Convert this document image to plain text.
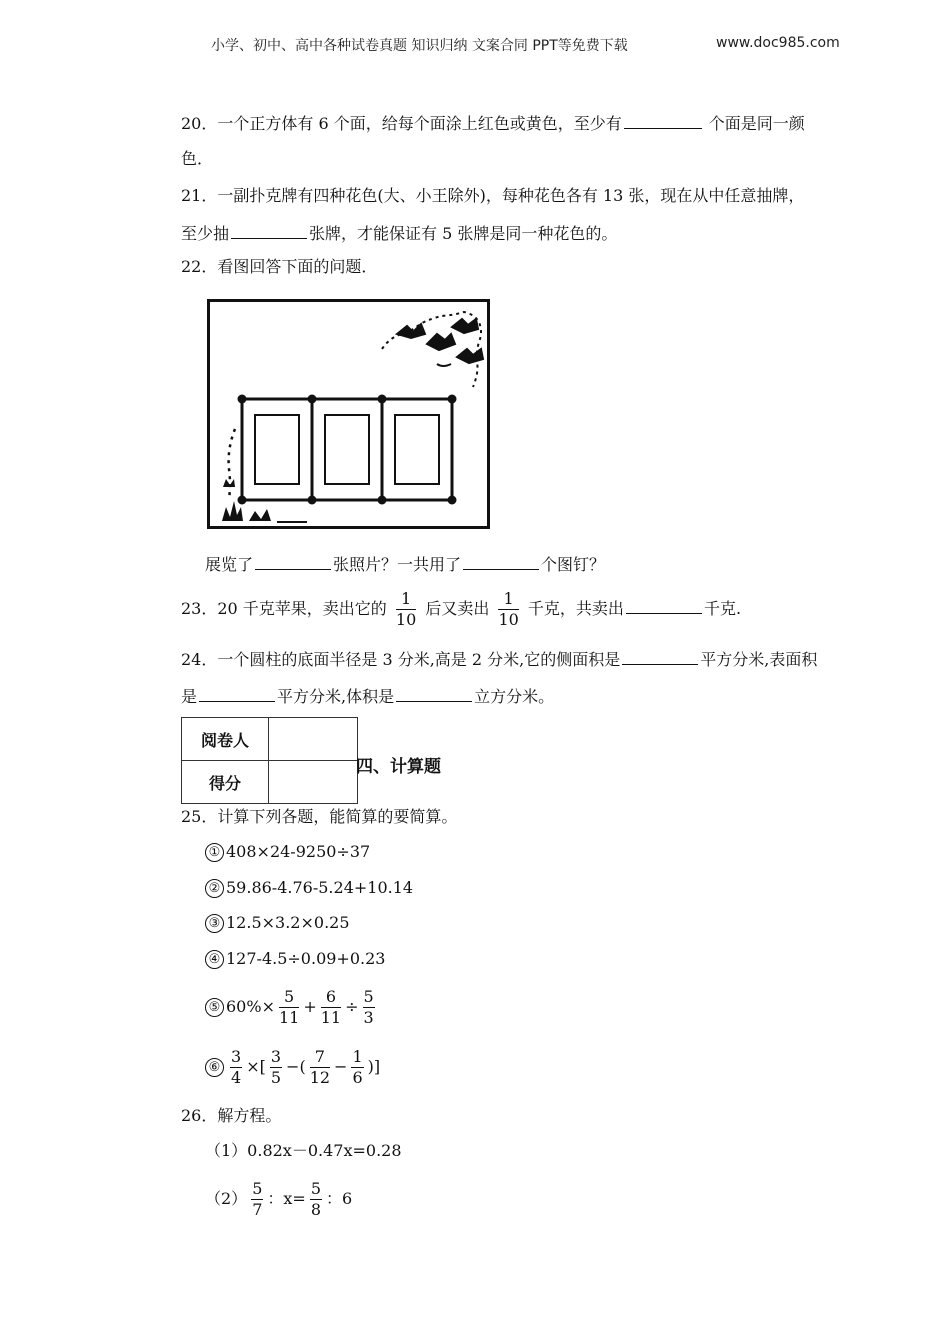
小学、初中、高中各种试卷真题 知识归纳 文案合同 PPT等免费下载	www.doc985.com
20．一个正方体有 6 个面，给每个面涂上红色或黄色，至少有	个面是同一颜
色．
21．一副扑克牌有四种花色(大、小王除外)，每种花色各有 13 张，现在从中任意抽牌，
至少抽	张牌，才能保证有 5 张牌是同一种花色的。
22．看图回答下面的问题．
展览了	张照片？一共用了	个图钉？
23．20 千克苹果，卖出它的 $\frac{1}{10}$ 后又卖出 $\frac{1}{10}$ 千克，共卖出	千克.
24．一个圆柱的底面半径是 3 分米,高是 2 分米,它的侧面积是	平方分米,表面积
是	平方分米,体积是	立方分米。
阅卷人	
得分	
四、计算题
25．计算下列各题，能简算的要简算。
① 408×24-9250÷37
② 59.86-4.76-5.24+10.14
③ 12.5×3.2×0.25
④ 127-4.5÷0.09+0.23
⑤ $60\%\times \frac{5}{11} + \frac{6}{11} \div \frac{5}{3}$
⑥ $\frac{3}{4}$ ×[ $\frac{3}{5}$ −( $\frac{7}{12} - \frac{1}{6}$ )]
26．解方程。
（1）0.82x－0.47x=0.28
$(2) \frac{5}{7}$ ：$x= \frac{5}{8}$ ：6
